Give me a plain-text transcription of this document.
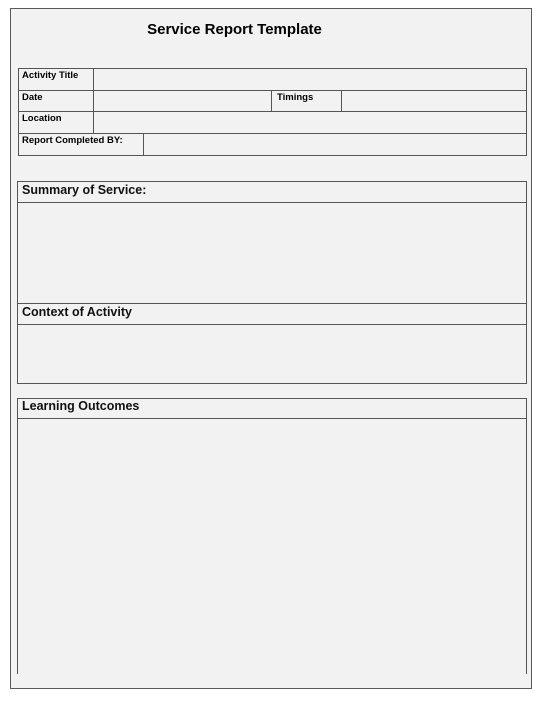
Service Report Template
Activity Title
Date	Timings
Location
Report Completed BY:
Summary of Service:
Context of Activity
Learning Outcomes
